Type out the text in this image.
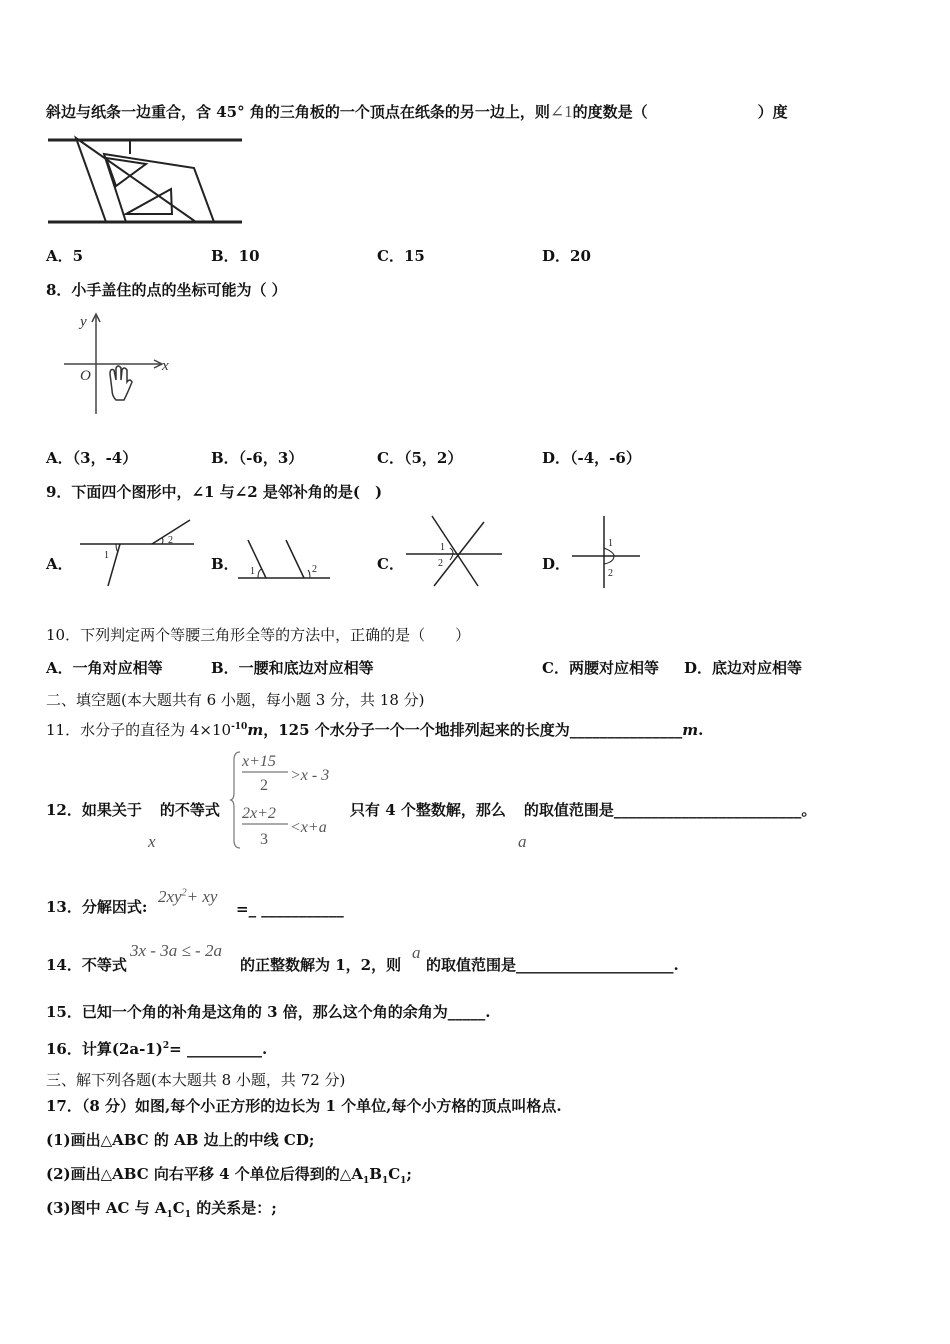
斜边与纸条一边重合，含 45° 角的三角板的一个顶点在纸条的另一边上，则∠1的度数是（	）度
A．5	B．10	C．15	D．20
8．小手盖住的点的坐标可能为（ ）
y
x
O
A．（3，-4）	B．（-6，3）	C．（5，2）	D．（-4，-6）
9．下面四个图形中，∠1 与∠2 是邻补角的是(　)
A．	1
2
B． 1	2	C．
1
2	D．
1
2
10．下列判定两个等腰三角形全等的方法中，正确的是（　　）
A．一角对应相等	B．一腰和底边对应相等	C．两腰对应相等 D．底边对应相等
二、填空题(本大题共有 6 小题，每小题 3 分，共 18 分)
11．水分子的直径为 $4\times 10^{-10}m$，125 个水分子一个一个地排列起来的长度为_______________m.
12．如果关于 的不等式
x
x+15
2
>x - 3
2x+2
3
<x+a
只有 4 个整数解，那么 的取值范围是_________________________。
a
13．分解因式:
$2xy^2+$ xy
=_ ___________
14．不等式
3x - 3a ≤ - 2a
的正整数解为 1，2，则
a
的取值范围是_____________________.
15．已知一个角的补角是这角的 3 倍，那么这个角的余角为_____.
16．计算$(2a-1)^2=$ __________.
三、解下列各题(本大题共 8 小题，共 72 分)
17．（8 分）如图,每个小正方形的边长为 1 个单位,每个小方格的顶点叫格点.
(1)画出△ABC 的 AB 边上的中线 CD;
(2)画出△ABC 向右平移 4 个单位后得到的$\triangle A_1B_1C_1$;
(3)图中 AC 与 $A_1C_1$ 的关系是：;
